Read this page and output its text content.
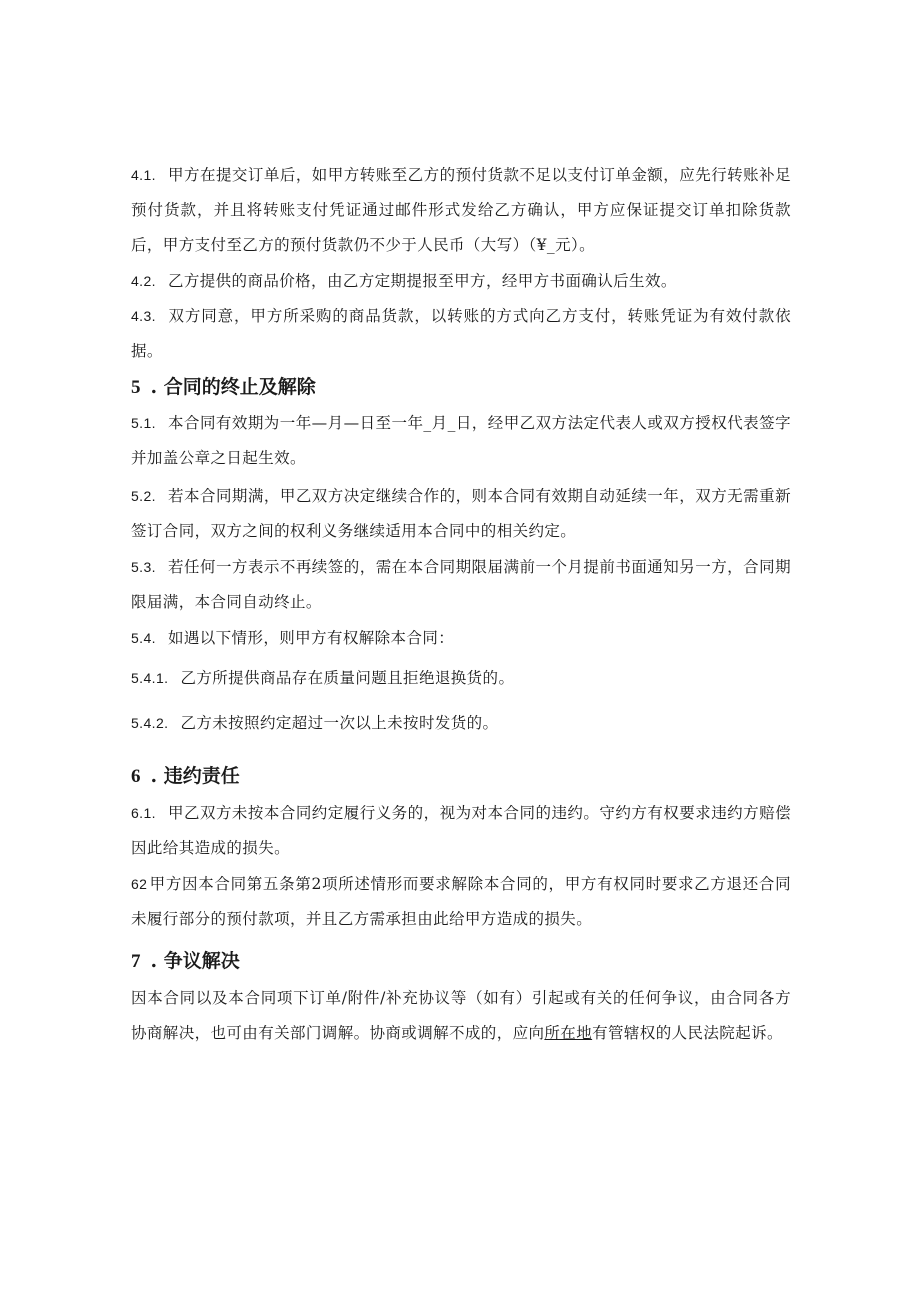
4.1. 甲方在提交订单后，如甲方转账至乙方的预付货款不足以支付订单金额，应先行转账补足预付货款，并且将转账支付凭证通过邮件形式发给乙方确认，甲方应保证提交订单扣除货款后，甲方支付至乙方的预付货款仍不少于人民币（大写）（¥_元）。

4.2. 乙方提供的商品价格，由乙方定期提报至甲方，经甲方书面确认后生效。

4.3. 双方同意，甲方所采购的商品货款，以转账的方式向乙方支付，转账凭证为有效付款依据。

5 . 合同的终止及解除

5.1. 本合同有效期为一年—月—日至一年_月_日，经甲乙双方法定代表人或双方授权代表签字并加盖公章之日起生效。

5.2. 若本合同期满，甲乙双方决定继续合作的，则本合同有效期自动延续一年，双方无需重新签订合同，双方之间的权利义务继续适用本合同中的相关约定。

5.3. 若任何一方表示不再续签的，需在本合同期限届满前一个月提前书面通知另一方，合同期限届满，本合同自动终止。

5.4. 如遇以下情形，则甲方有权解除本合同：

5.4.1. 乙方所提供商品存在质量问题且拒绝退换货的。

5.4.2. 乙方未按照约定超过一次以上未按时发货的。

6 . 违约责任

6.1. 甲乙双方未按本合同约定履行义务的，视为对本合同的违约。守约方有权要求违约方赔偿因此给其造成的损失。

62 甲方因本合同第五条第2项所述情形而要求解除本合同的，甲方有权同时要求乙方退还合同未履行部分的预付款项，并且乙方需承担由此给甲方造成的损失。

7 . 争议解决

因本合同以及本合同项下订单/附件/补充协议等（如有）引起或有关的任何争议，由合同各方协商解决，也可由有关部门调解。协商或调解不成的，应向所在地有管辖权的人民法院起诉。
